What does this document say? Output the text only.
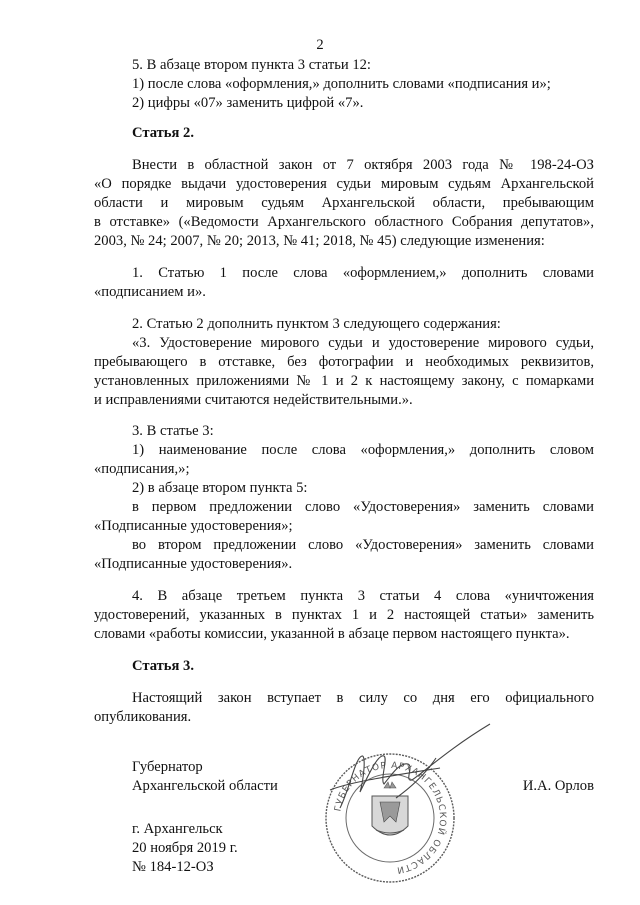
2
5. В абзаце втором пункта 3 статьи 12:
1) после слова «оформления,» дополнить словами «подписания и»;
2) цифры «07» заменить цифрой «7».
Статья 2.
Внести в областной закон от 7 октября 2003 года № 198-24-ОЗ
«О порядке выдачи удостоверения судьи мировым судьям Архангельской
области и мировым судьям Архангельской области, пребывающим
в отставке» («Ведомости Архангельского областного Собрания депутатов»,
2003, № 24; 2007, № 20; 2013, № 41; 2018, № 45) следующие изменения:
1. Статью 1 после слова «оформлением,» дополнить словами
«подписанием и».
2. Статью 2 дополнить пунктом 3 следующего содержания:
«3. Удостоверение мирового судьи и удостоверение мирового судьи,
пребывающего в отставке, без фотографии и необходимых реквизитов,
установленных приложениями № 1 и 2 к настоящему закону, с помарками
и исправлениями считаются недействительными.».
3. В статье 3:
1) наименование после слова «оформления,» дополнить словом
«подписания,»;
2) в абзаце втором пункта 5:
в первом предложении слово «Удостоверения» заменить словами
«Подписанные удостоверения»;
во втором предложении слово «Удостоверения» заменить словами
«Подписанные удостоверения».
4. В абзаце третьем пункта 3 статьи 4 слова «уничтожения
удостоверений, указанных в пунктах 1 и 2 настоящей статьи» заменить
словами «работы комиссии, указанной в абзаце первом настоящего пункта».
Статья 3.
Настоящий закон вступает в силу со дня его официального
опубликования.
Губернатор
Архангельской области	И.А. Орлов
ГУБЕРНАТОР АРХАНГЕЛЬСКОЙ ОБЛАСТИ
г. Архангельск
20 ноября 2019 г.
№ 184-12-ОЗ
